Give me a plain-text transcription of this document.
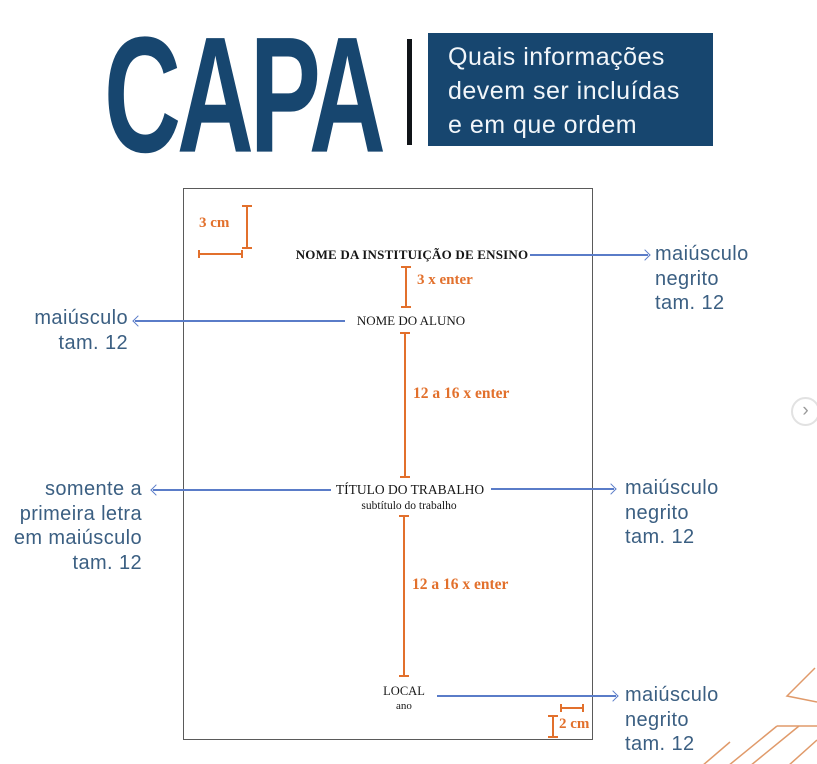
CAPA	Quais informações
devem ser incluídas
e em que ordem
3 cm
NOME DA INSTITUIÇÃO DE ENSINO
3 x enter
NOME DO ALUNO
12 a 16 x enter
TÍTULO DO TRABALHO
subtítulo do trabalho
12 a 16 x enter
LOCAL
ano
2 cm
maiúsculo
negrito
tam. 12
maiúsculo
tam. 12
somente a
primeira letra
em maiúsculo
tam. 12
maiúsculo
negrito
tam. 12
maiúsculo
negrito
tam. 12
›
